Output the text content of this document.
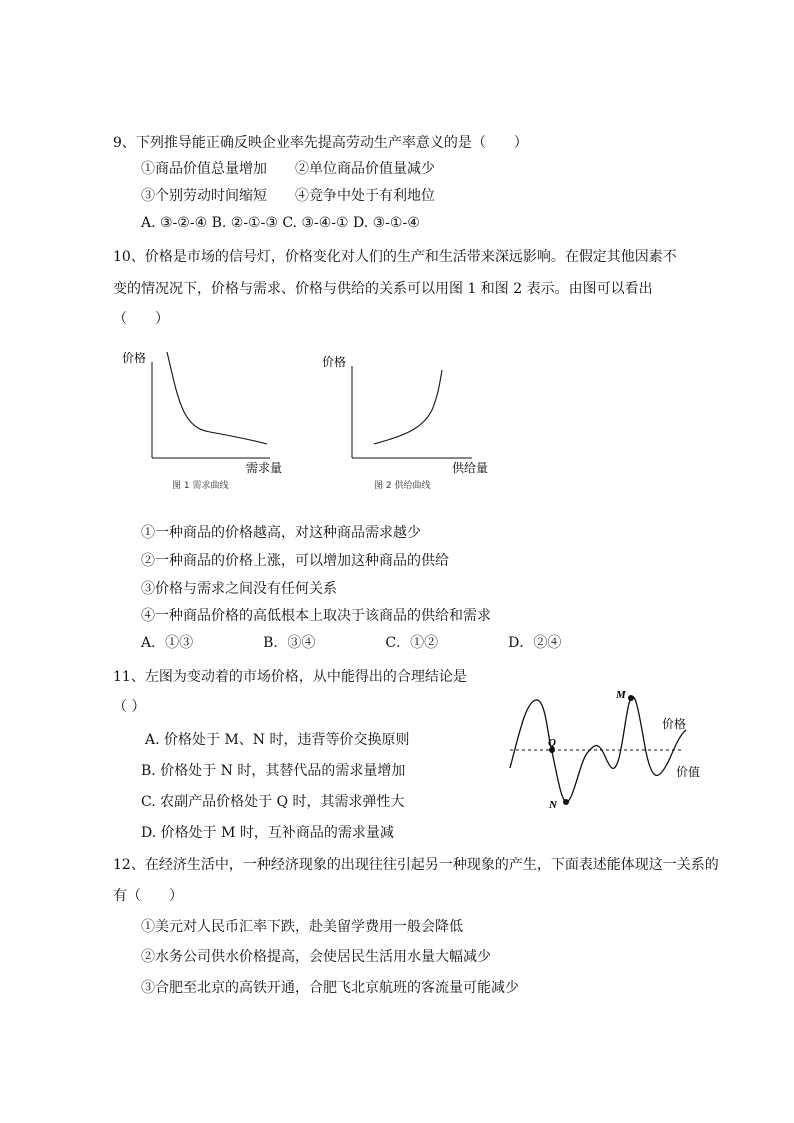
9、下列推导能正确反映企业率先提高劳动生产率意义的是（　　）
①商品价值总量增加　　②单位商品价值量减少
③个别劳动时间缩短　　④竞争中处于有利地位
A. ③-②-④ B. ②-①-③ C. ③-④-① D. ③-①-④
10、价格是市场的信号灯，价格变化对人们的生产和生活带来深远影响。在假定其他因素不
变的情况况下，价格与需求、价格与供给的关系可以用图 1 和图 2 表示。由图可以看出
（　　）
价格
需求量
图 1 需求曲线
价格
供给量
图 2 供给曲线
①一种商品的价格越高，对这种商品需求越少
②一种商品的价格上涨，可以增加这种商品的供给
③价格与需求之间没有任何关系
④一种商品价格的高低根本上取决于该商品的供给和需求
A．①③　　　　　B．③④　　　　　C．①②　　　　　D．②④
11、左图为变动着的市场价格，从中能得出的合理结论是
（ ）
A. 价格处于 M、N 时，违背等价交换原则
B. 价格处于 N 时，其替代品的需求量增加
C. 农副产品价格处于 Q 时，其需求弹性大
D. 价格处于 M 时，互补商品的需求量减
M
Q
N
价格
价值
12、在经济生活中，一种经济现象的出现往往引起另一种现象的产生，下面表述能体现这一关系的
有（　　）
①美元对人民币汇率下跌，赴美留学费用一般会降低
②水务公司供水价格提高，会使居民生活用水量大幅减少
③合肥至北京的高铁开通，合肥飞北京航班的客流量可能减少
